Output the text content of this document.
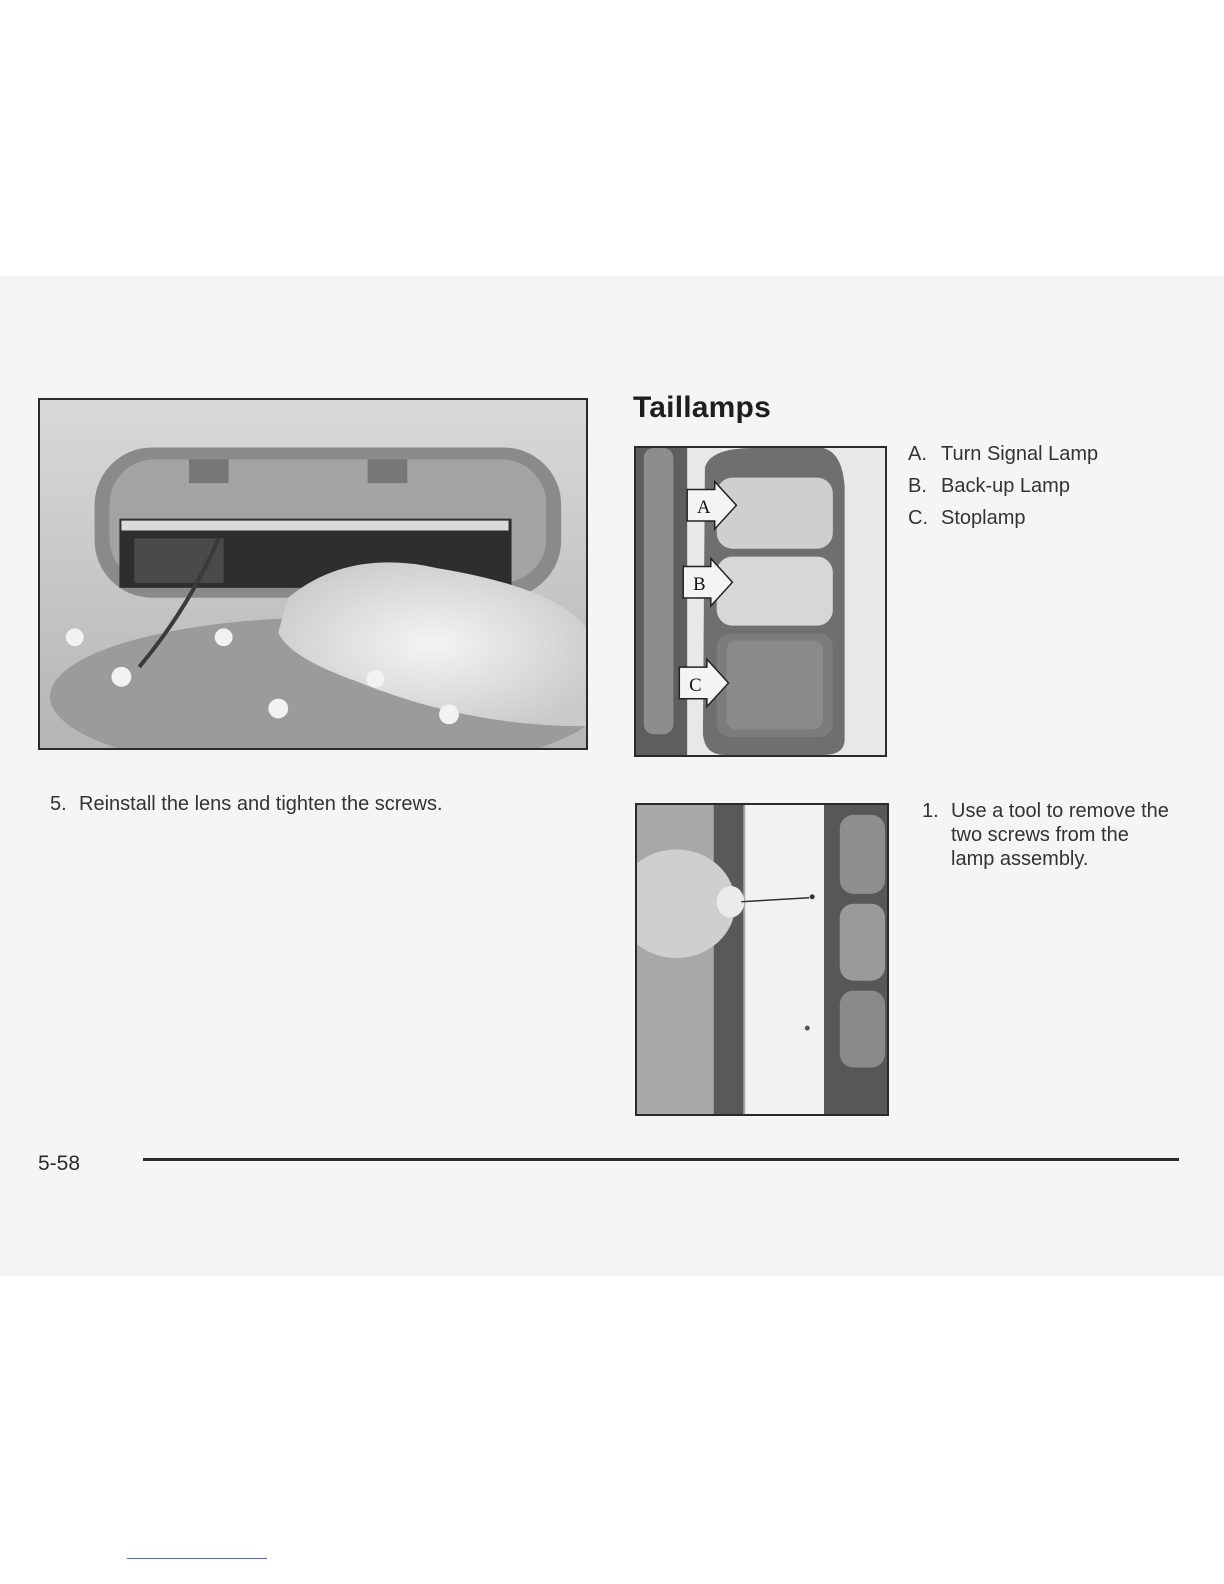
Taillamps
A
B
C
A. Turn Signal Lamp
B. Back-up Lamp
C. Stoplamp

5. Reinstall the lens and tighten the screws.	1. Use a tool to remove the two screws from the lamp assembly.

5-58
